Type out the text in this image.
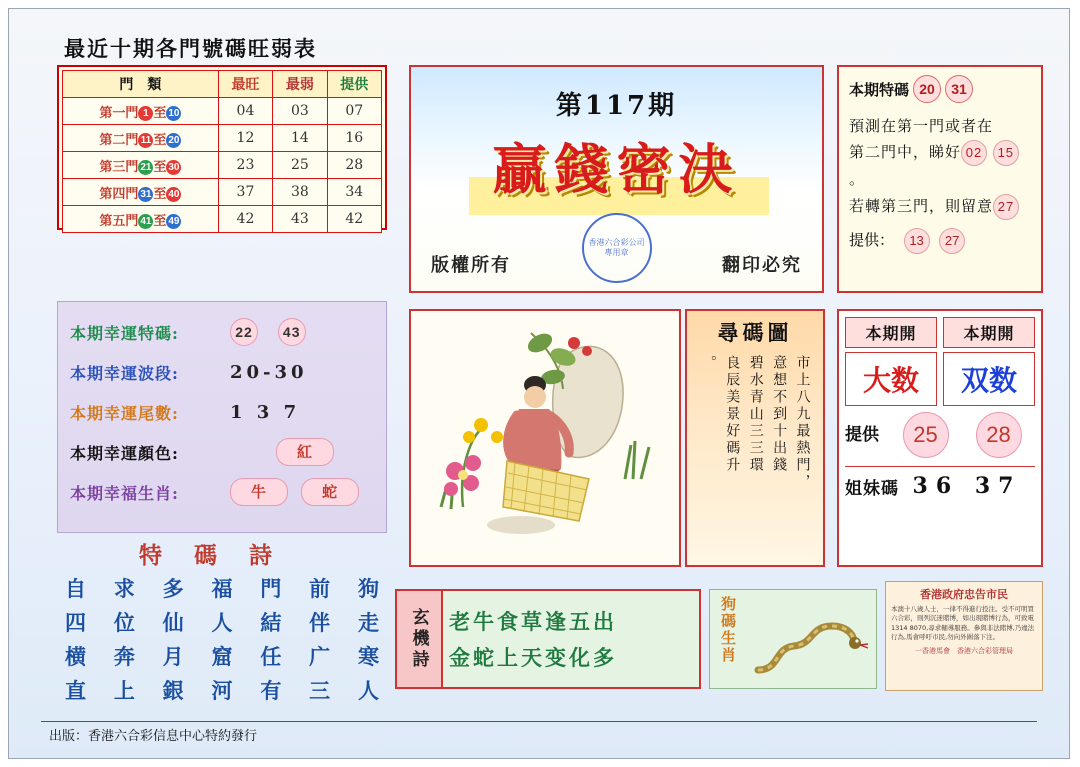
最近十期各門號碼旺弱表
門　類	最旺	最弱	提供
第一門 1 至 10	04	03	07
第二門 11 至 20	12	14	16
第三門 21 至 30	23	25	28
第四門 31 至 40	37	38	34
第五門 41 至 49	42	43	42
第117期
贏錢密決
版權所有	翻印必究
香港六合彩公司 專用章
本期特碼 20	31
預測在第一門或者在
第二門中，睇好 02 15。
若轉第三門，則留意 27
提供： 13 27
本期幸運特碼:	22
	43
本期幸運波段:	20-30
本期幸運尾數:	1 3 7
本期幸運顏色:	紅
本期幸福生肖:	牛
	蛇
特 碼 詩
自 求 多 福 門 前 狗
四 位 仙 人 結 伴 走
横 奔 月 窟 任 广 寒
直 上 銀 河 有 三 人
尋碼圖
市上八九最熱門，
意想不到十出錢
碧水青山三三環
良辰美景好碼升
。
本期開	本期開
大数	双数
提供	25	28
姐妹碼 36 37
玄機詩 老牛食草逢五出
金蛇上天变化多	狗碼生肖
香港政府忠告市民
本澳十八歲人士，一律不得進行投注。受不可明買六合彩，則列沉迷賭博，如出現賭博行為，可致電1314 8070,尋求輔導服務。參與非法賭博,乃違法行為,馬會呼吁市民,勿向外圍落下注。
一香港馬會　香港六合彩管理局
出版：香港六合彩信息中心特約發行
